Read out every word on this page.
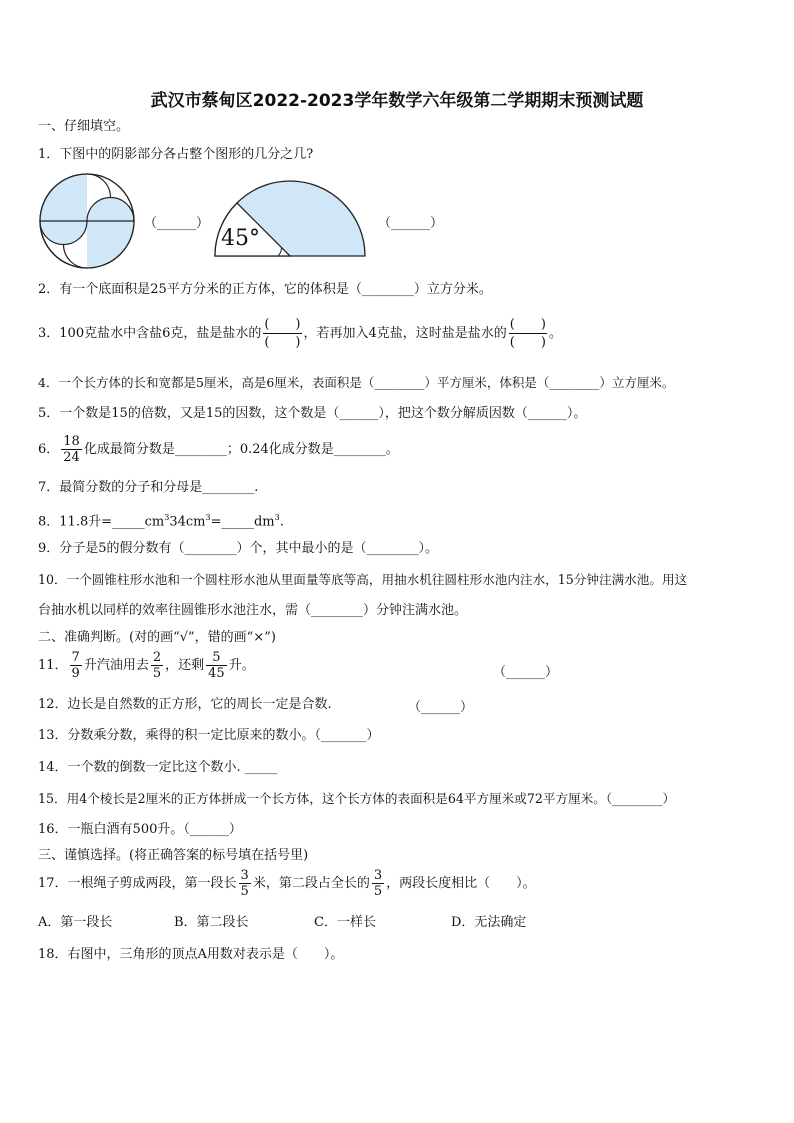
武汉市蔡甸区2022-2023学年数学六年级第二学期期末预测试题
一、仔细填空。
1．下图中的阴影部分各占整个图形的几分之几?
（______）
45°
（______）
2．有一个底面积是25平方分米的正方体，它的体积是（________）立方分米。
3．100克盐水中含盐6克，盐是盐水的
(　　)
(　　)
，若再加入4克盐，这时盐是盐水的
(　　)
(　　)
。
4．一个长方体的长和宽都是5厘米，高是6厘米，表面积是（________）平方厘米，体积是（________）立方厘米。
5．一个数是15的倍数，又是15的因数，这个数是（______），把这个数分解质因数（______）。
6． $\frac{18}{24}$ 化成最简分数是________；0.24化成分数是________。
7．最简分数的分子和分母是________.
8．11.8升$=\_\_\_\_\_cm^334cm^3=\_\_\_\_\_dm^3$.
9．分子是5的假分数有（________）个，其中最小的是（________）。
10．一个圆锥柱形水池和一个圆柱形水池从里面量等底等高，用抽水机往圆柱形水池内注水，15分钟注满水池。用这
台抽水机以同样的效率往圆锥形水池注水，需（________）分钟注满水池。
二、准确判断。(对的画“√”，错的画“×”)
11． $\frac{7}{9}$ 升汽油用去 $\frac{2}{5}$ ，还剩 $\frac{5}{45}$ 升。	（______）
12．边长是自然数的正方形，它的周长一定是合数.	（______）
13．分数乘分数，乘得的积一定比原来的数小。（_______）
14．一个数的倒数一定比这个数小. _____
15．用4个棱长是2厘米的正方体拼成一个长方体，这个长方体的表面积是64平方厘米或72平方厘米。（________）
16．一瓶白酒有500升。（______）
三、谨慎选择。(将正确答案的标号填在括号里)
17．一根绳子剪成两段，第一段长 $\frac{3}{5}$ 米，第二段占全长的 $\frac{3}{5}$ ，两段长度相比（　　）。
A．第一段长	B．第二段长	C．一样长	D．无法确定
18．右图中，三角形的顶点A用数对表示是（　　）。
